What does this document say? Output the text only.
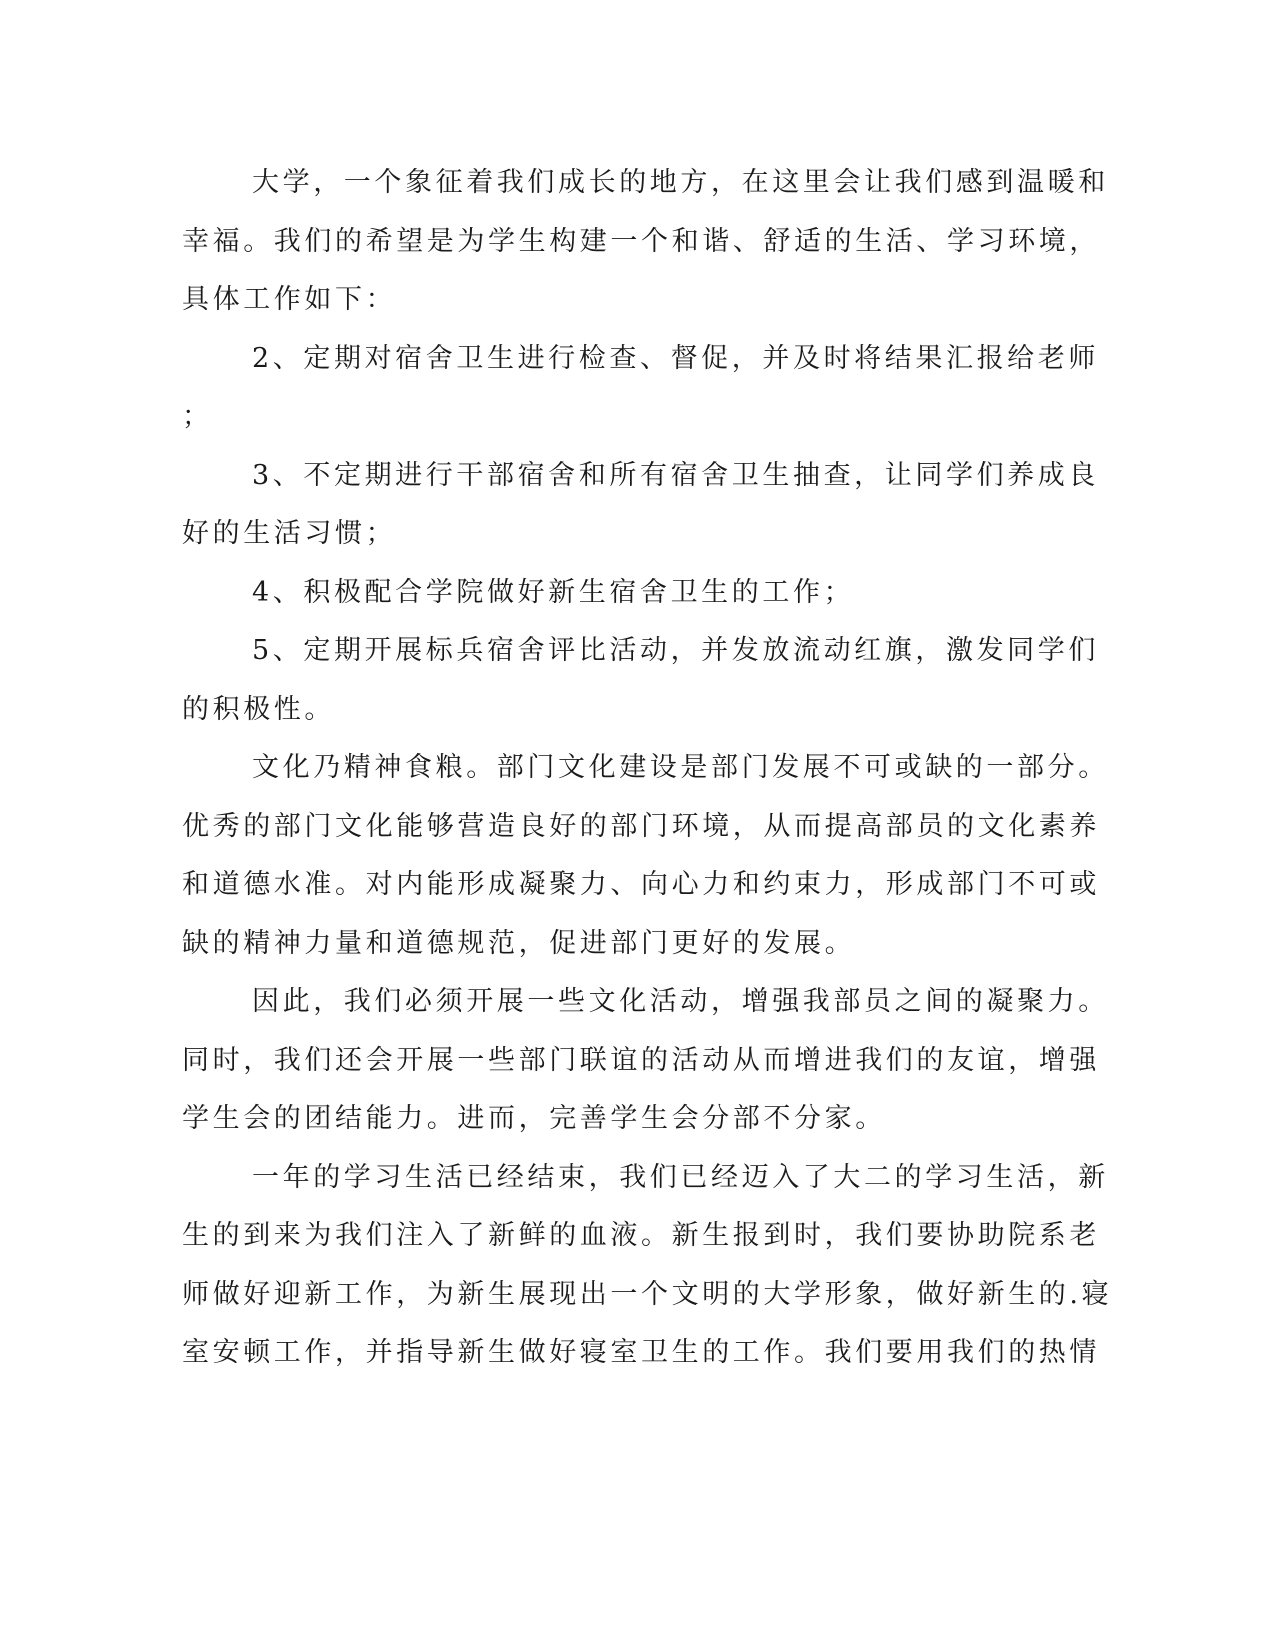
大学，一个象征着我们成长的地方，在这里会让我们感到温暖和
幸福。我们的希望是为学生构建一个和谐、舒适的生活、学习环境，
具体工作如下：
2、定期对宿舍卫生进行检查、督促，并及时将结果汇报给老师
；
3、不定期进行干部宿舍和所有宿舍卫生抽查，让同学们养成良
好的生活习惯；
4、积极配合学院做好新生宿舍卫生的工作；
5、定期开展标兵宿舍评比活动，并发放流动红旗，激发同学们
的积极性。
文化乃精神食粮。部门文化建设是部门发展不可或缺的一部分。
优秀的部门文化能够营造良好的部门环境，从而提高部员的文化素养
和道德水准。对内能形成凝聚力、向心力和约束力，形成部门不可或
缺的精神力量和道德规范，促进部门更好的发展。
因此，我们必须开展一些文化活动，增强我部员之间的凝聚力。
同时，我们还会开展一些部门联谊的活动从而增进我们的友谊，增强
学生会的团结能力。进而，完善学生会分部不分家。
一年的学习生活已经结束，我们已经迈入了大二的学习生活，新
生的到来为我们注入了新鲜的血液。新生报到时，我们要协助院系老
师做好迎新工作，为新生展现出一个文明的大学形象，做好新生的.寝
室安顿工作，并指导新生做好寝室卫生的工作。我们要用我们的热情
